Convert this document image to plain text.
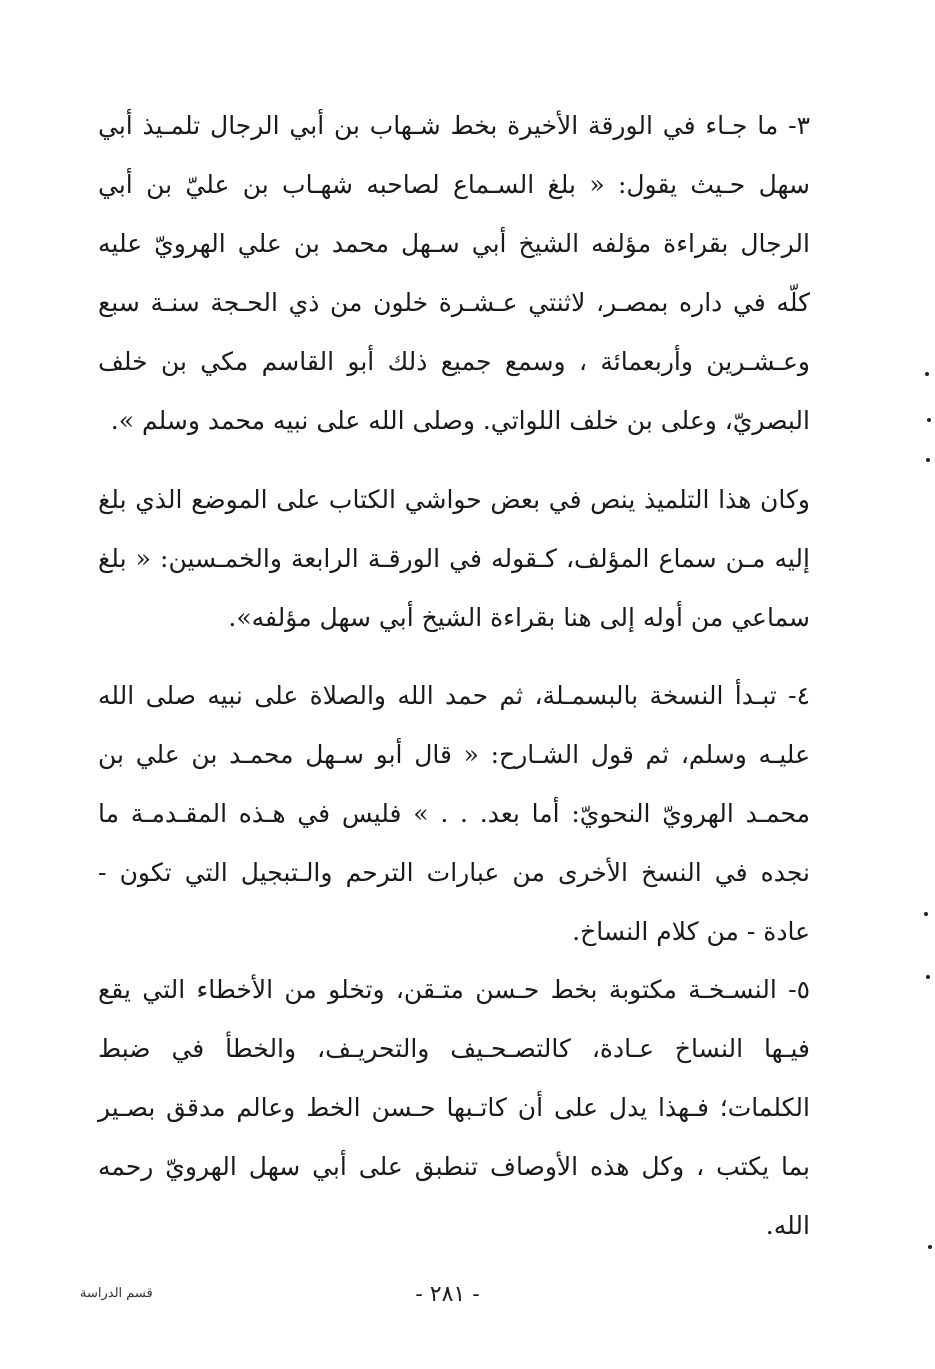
٣- ما جـاء في الورقة الأخيرة بخط شـهاب بن أبي الرجال تلمـيذ أبي سهل حـيث يقول: « بلغ السـماع لصاحبه شهـاب بن عليّ بن أبي الرجال بقراءة مؤلفه الشيخ أبي سـهل محمد بن علي الهرويّ عليه كلّه في داره بمصـر، لاثنتي عـشـرة خلون من ذي الحـجة سنـة سبع وعـشـرين وأربعمائة ، وسمع جميع ذلك أبو القاسم مكي بن خلف البصريّ، وعلى بن خلف اللواتي. وصلى الله على نبيه محمد وسلم ».

وكان هذا التلميذ ينص في بعض حواشي الكتاب على الموضع الذي بلغ إليه مـن سماع المؤلف، كـقوله في الورقـة الرابعة والخمـسين: « بلغ سماعي من أوله إلى هنا بقراءة الشيخ أبي سهل مؤلفه».

٤- تبـدأ النسخة بالبسمـلة، ثم حمد الله والصلاة على نبيه صلى الله عليـه وسلم، ثم قول الشـارح: « قال أبو سـهل محمـد بن علي بن محمـد الهرويّ النحويّ: أما بعد. . . » فليس في هـذه المقـدمـة ما نجده في النسخ الأخرى من عبارات الترحم والـتبجيل التي تكون - عادة - من كلام النساخ.

٥- النسـخـة مكتوبة بخط حـسن متـقن، وتخلو من الأخطاء التي يقع فيـها النساخ عـادة، كالتصـحـيف والتحريـف، والخطأ في ضبط الكلمات؛ فـهذا يدل على أن كاتـبها حـسن الخط وعالم مدقق بصـير بما يكتب ، وكل هذه الأوصاف تنطبق على أبي سهل الهرويّ رحمه الله.

قسم الدراسة	- ٢٨١ -
